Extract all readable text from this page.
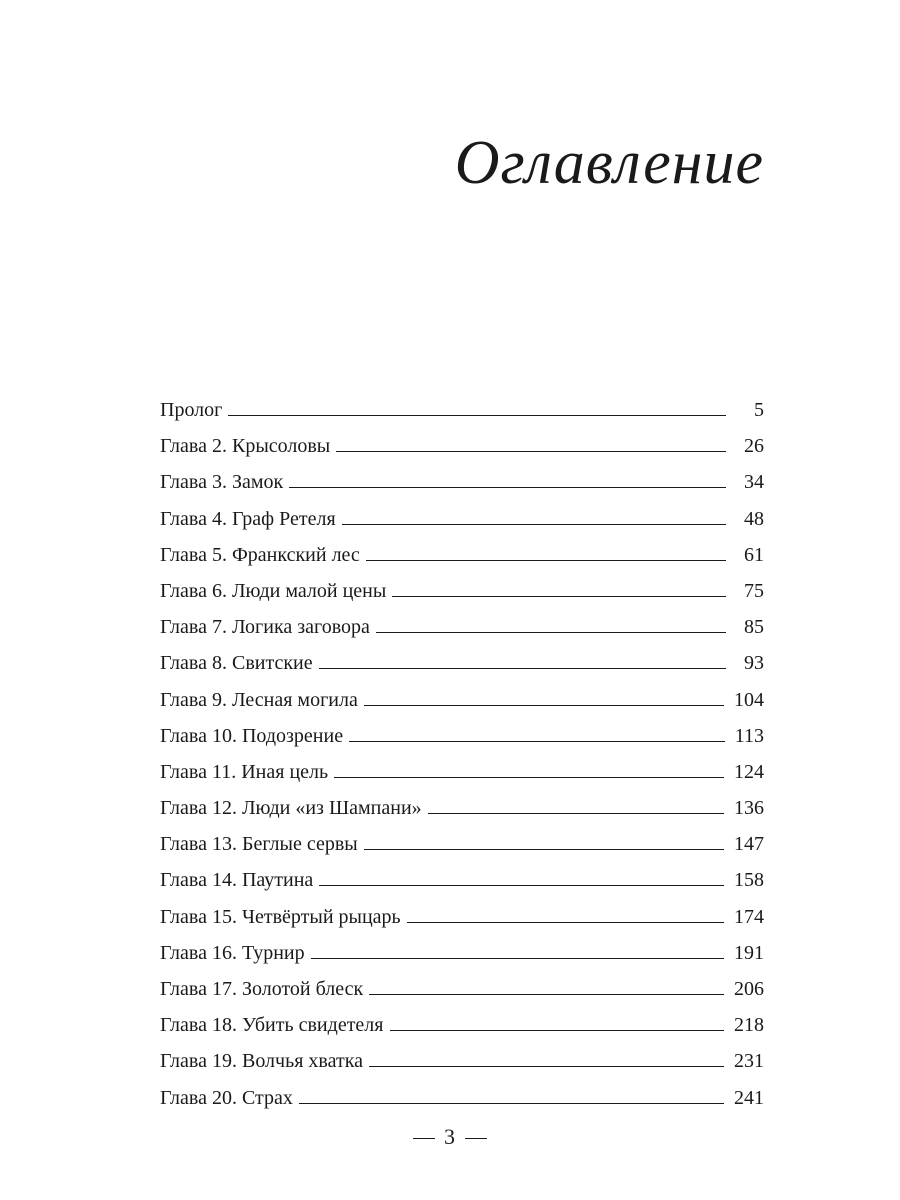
Оглавление
Пролог	5
Глава 2. Крысоловы	26
Глава 3. Замок	34
Глава 4. Граф Ретеля	48
Глава 5. Франкский лес	61
Глава 6. Люди малой цены	75
Глава 7. Логика заговора	85
Глава 8. Свитские	93
Глава 9. Лесная могила	104
Глава 10. Подозрение	113
Глава 11. Иная цель	124
Глава 12. Люди «из Шампани»	136
Глава 13. Беглые сервы	147
Глава 14. Паутина	158
Глава 15. Четвёртый рыцарь	174
Глава 16. Турнир	191
Глава 17. Золотой блеск	206
Глава 18. Убить свидетеля	218
Глава 19. Волчья хватка	231
Глава 20. Страх	241
3
